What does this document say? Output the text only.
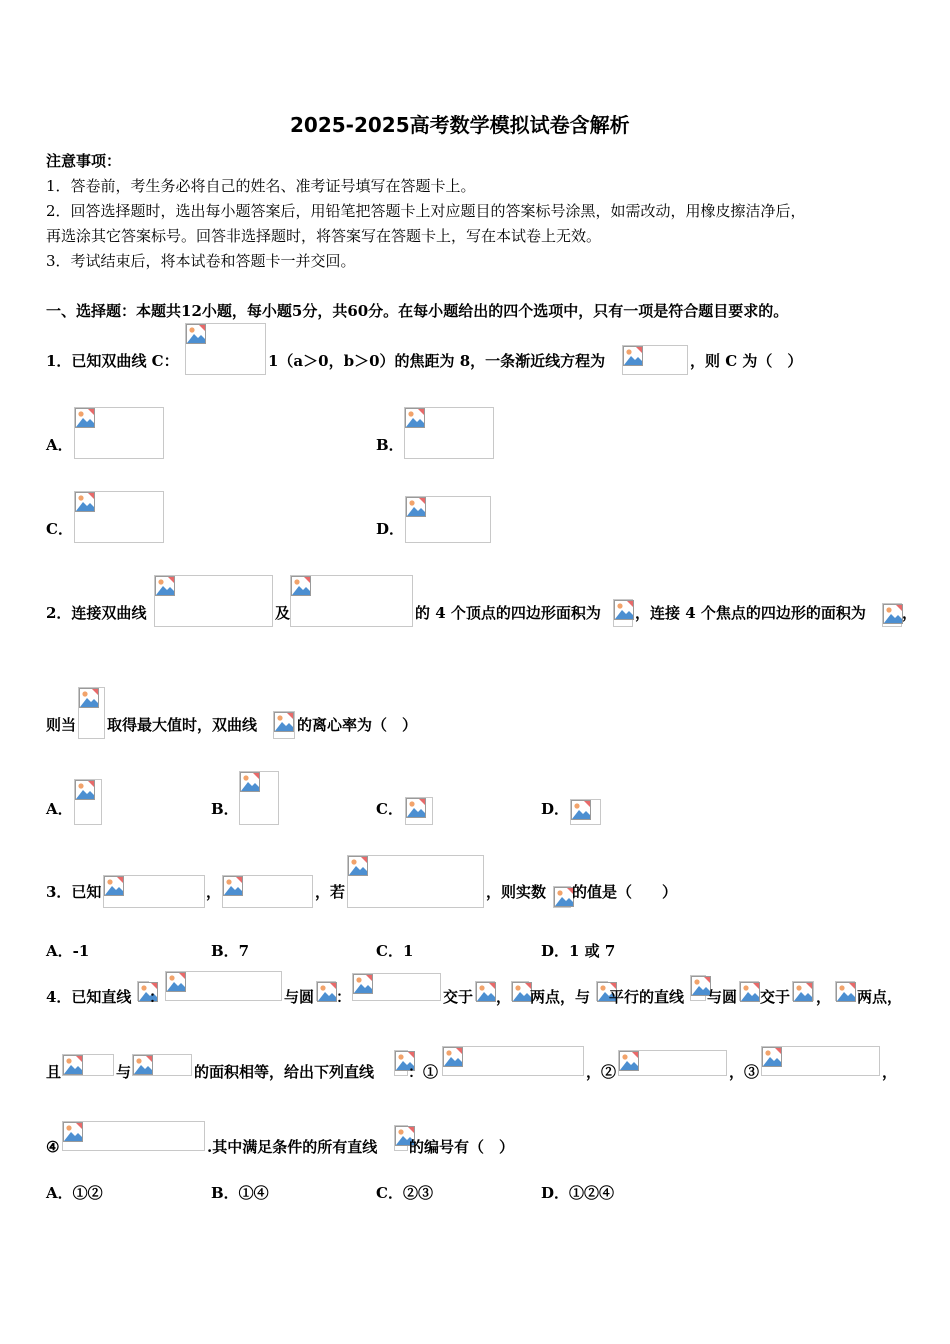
2025-2025高考数学模拟试卷含解析
注意事项：
1．答卷前，考生务必将自己的姓名、准考证号填写在答题卡上。
2．回答选择题时，选出每小题答案后，用铅笔把答题卡上对应题目的答案标号涂黑，如需改动，用橡皮擦洁净后，
再选涂其它答案标号。回答非选择题时，将答案写在答题卡上，写在本试卷上无效。
3．考试结束后，将本试卷和答题卡一并交回。
一、选择题：本题共12小题，每小题5分，共60分。在每小题给出的四个选项中，只有一项是符合题目要求的。
1．已知双曲线 C：	1（a＞0，b＞0）的焦距为 8，一条渐近线方程为	，则 C 为（　）
A．	B．
C．	D．
2．连接双曲线	及	的 4 个顶点的四边形面积为 ，连接 4 个焦点的四边形的面积为 ，
则当 取得最大值时，双曲线	的离心率为（　）
A．	B．	C．	D．
3．已知	，	，若	，则实数 的值是（　　）
A．-1	B．7	C．1	D．1 或 7
4．已知直线 ：	与圆 ：	交于 ， 两点，与 平行的直线 与圆 交于 ， 两点，
且	与	的面积相等，给出下列直线 ：①	，②	，③	，
④	.其中满足条件的所有直线 的编号有（　）
A．①②	B．①④	C．②③	D．①②④
